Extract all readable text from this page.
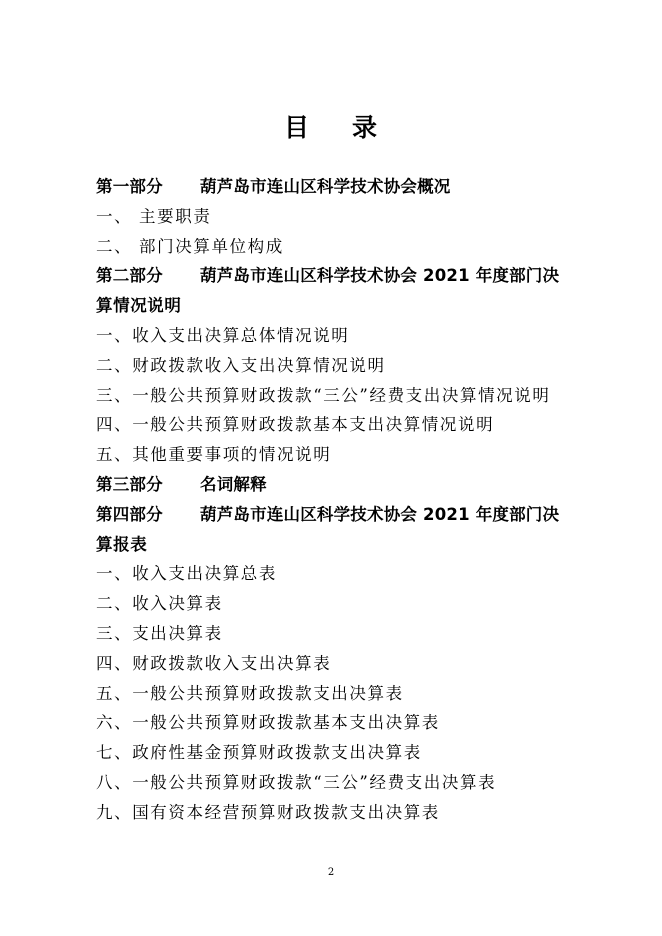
目 录
第一部分 葫芦岛市连山区科学技术协会概况
一、 主要职责
二、 部门决算单位构成
第二部分 葫芦岛市连山区科学技术协会 2021 年度部门决
算情况说明
一、收入支出决算总体情况说明
二、财政拨款收入支出决算情况说明
三、一般公共预算财政拨款“三公”经费支出决算情况说明
四、一般公共预算财政拨款基本支出决算情况说明
五、其他重要事项的情况说明
第三部分 名词解释
第四部分 葫芦岛市连山区科学技术协会 2021 年度部门决
算报表
一、收入支出决算总表
二、收入决算表
三、支出决算表
四、财政拨款收入支出决算表
五、一般公共预算财政拨款支出决算表
六、一般公共预算财政拨款基本支出决算表
七、政府性基金预算财政拨款支出决算表
八、一般公共预算财政拨款“三公”经费支出决算表
九、国有资本经营预算财政拨款支出决算表
2
